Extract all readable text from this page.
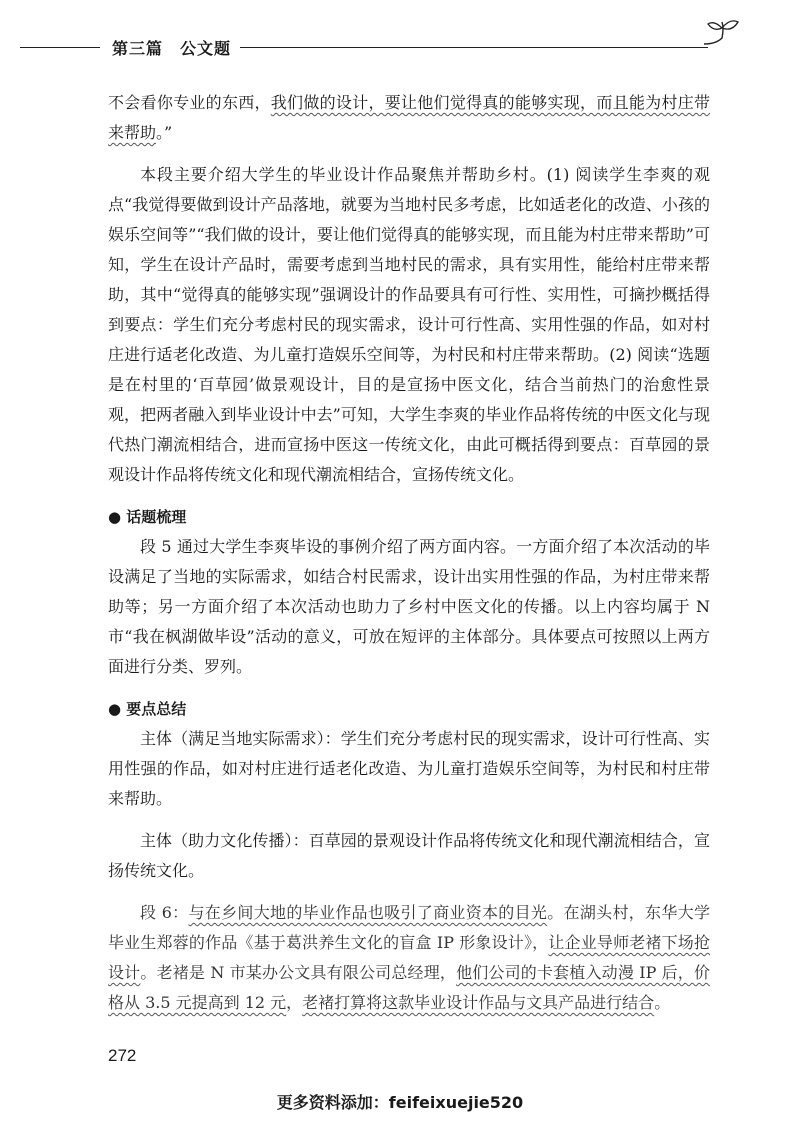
第三篇　公文题

不会看你专业的东西，我们做的设计，要让他们觉得真的能够实现，而且能为村庄带来帮助。”

本段主要介绍大学生的毕业设计作品聚焦并帮助乡村。(1) 阅读学生李爽的观点“我觉得要做到设计产品落地，就要为当地村民多考虑，比如适老化的改造、小孩的娱乐空间等”“我们做的设计，要让他们觉得真的能够实现，而且能为村庄带来帮助”可知，学生在设计产品时，需要考虑到当地村民的需求，具有实用性，能给村庄带来帮助，其中“觉得真的能够实现”强调设计的作品要具有可行性、实用性，可摘抄概括得到要点：学生们充分考虑村民的现实需求，设计可行性高、实用性强的作品，如对村庄进行适老化改造、为儿童打造娱乐空间等，为村民和村庄带来帮助。(2) 阅读“选题是在村里的‘百草园’做景观设计，目的是宣扬中医文化，结合当前热门的治愈性景观，把两者融入到毕业设计中去”可知，大学生李爽的毕业作品将传统的中医文化与现代热门潮流相结合，进而宣扬中医这一传统文化，由此可概括得到要点：百草园的景观设计作品将传统文化和现代潮流相结合，宣扬传统文化。

● 话题梳理

段 5 通过大学生李爽毕设的事例介绍了两方面内容。一方面介绍了本次活动的毕设满足了当地的实际需求，如结合村民需求，设计出实用性强的作品，为村庄带来帮助等；另一方面介绍了本次活动也助力了乡村中医文化的传播。以上内容均属于 N 市“我在枫湖做毕设”活动的意义，可放在短评的主体部分。具体要点可按照以上两方面进行分类、罗列。

● 要点总结

主体（满足当地实际需求）：学生们充分考虑村民的现实需求，设计可行性高、实用性强的作品，如对村庄进行适老化改造、为儿童打造娱乐空间等，为村民和村庄带来帮助。

主体（助力文化传播）：百草园的景观设计作品将传统文化和现代潮流相结合，宣扬传统文化。

段 6：与在乡间大地的毕业作品也吸引了商业资本的目光。在湖头村，东华大学毕业生郑蓉的作品《基于葛洪养生文化的盲盒 IP 形象设计》，让企业导师老褚下场抢设计。老褚是 N 市某办公文具有限公司总经理，他们公司的卡套植入动漫 IP 后，价格从 3.5 元提高到 12 元，老褚打算将这款毕业设计作品与文具产品进行结合。

272
更多资料添加：feifeixuejie520
